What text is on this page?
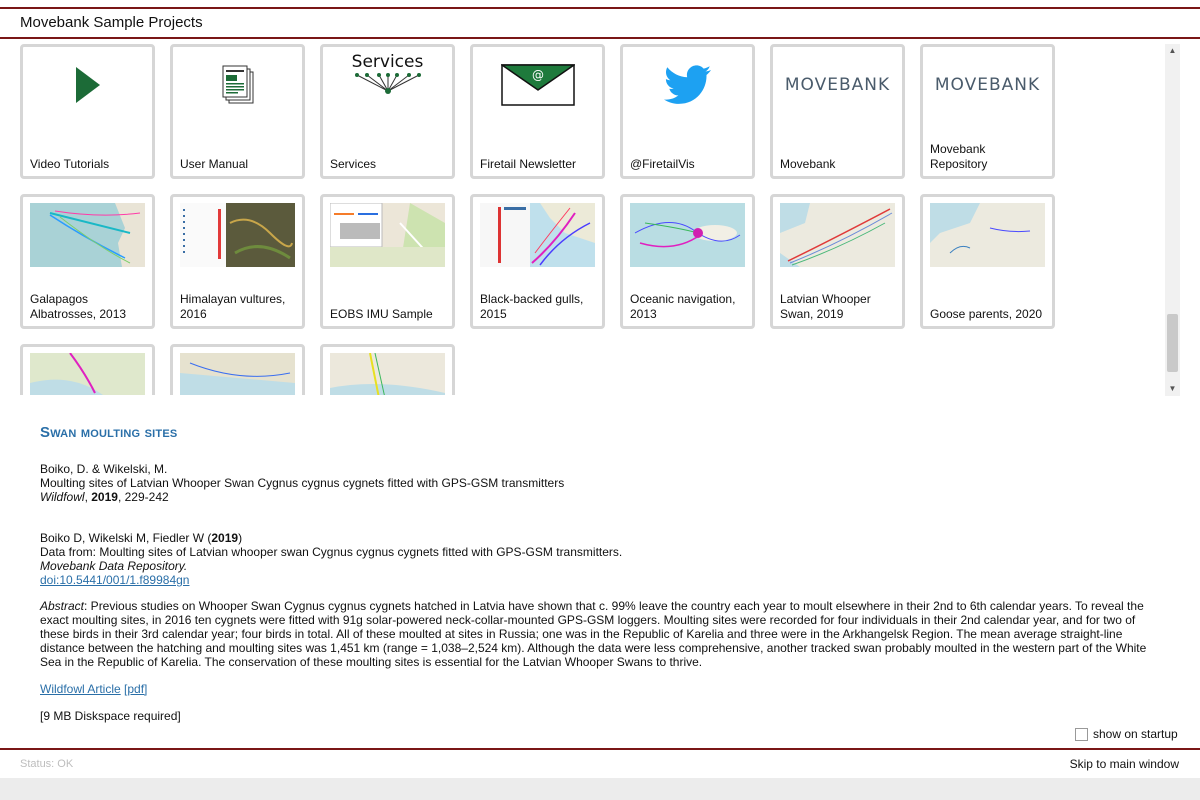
Movebank Sample Projects
Video Tutorials	User Manual
Services
Services
@
Firetail Newsletter	@FiretailVis
MOVEBANK
Movebank
MOVEBANK
Movebank Repository
Galapagos Albatrosses, 2013
Himalayan vultures, 2016	EOBS IMU Sample
Black-backed gulls, 2015
Oceanic navigation, 2013
Latvian Whooper Swan, 2019	Goose parents, 2020
▲
▼
Swan moulting sites

Boiko, D. & Wikelski, M.

Moulting sites of Latvian Whooper Swan Cygnus cygnus cygnets fitted with GPS-GSM transmitters

Wildfowl, 2019, 229-242

Boiko D, Wikelski M, Fiedler W (2019)

Data from: Moulting sites of Latvian whooper swan Cygnus cygnus cygnets fitted with GPS-GSM transmitters.

Movebank Data Repository.

doi:10.5441/001/1.f89984gn

Abstract: Previous studies on Whooper Swan Cygnus cygnus cygnets hatched in Latvia have shown that c. 99% leave the country each year to moult elsewhere in their 2nd to 6th calendar years. To reveal the exact moulting sites, in 2016 ten cygnets were fitted with 91g solar-powered neck-collar-mounted GPS-GSM loggers. Moulting sites were recorded for four individuals in their 2nd calendar year, and for two of these birds in their 3rd calendar year; four birds in total. All of these moulted at sites in Russia; one was in the Republic of Karelia and three were in the Arkhangelsk Region. The mean average straight-line distance between the hatching and moulting sites was 1,451 km (range = 1,038–2,524 km). Although the data were less comprehensive, another tracked swan probably moulted in the western part of the White Sea in the Republic of Karelia. The conservation of these moulting sites is essential for the Latvian Whooper Swans to thrive.

Wildfowl Article [pdf]

[9 MB Diskspace required]

show on startup
Status: OK	Skip to main window
